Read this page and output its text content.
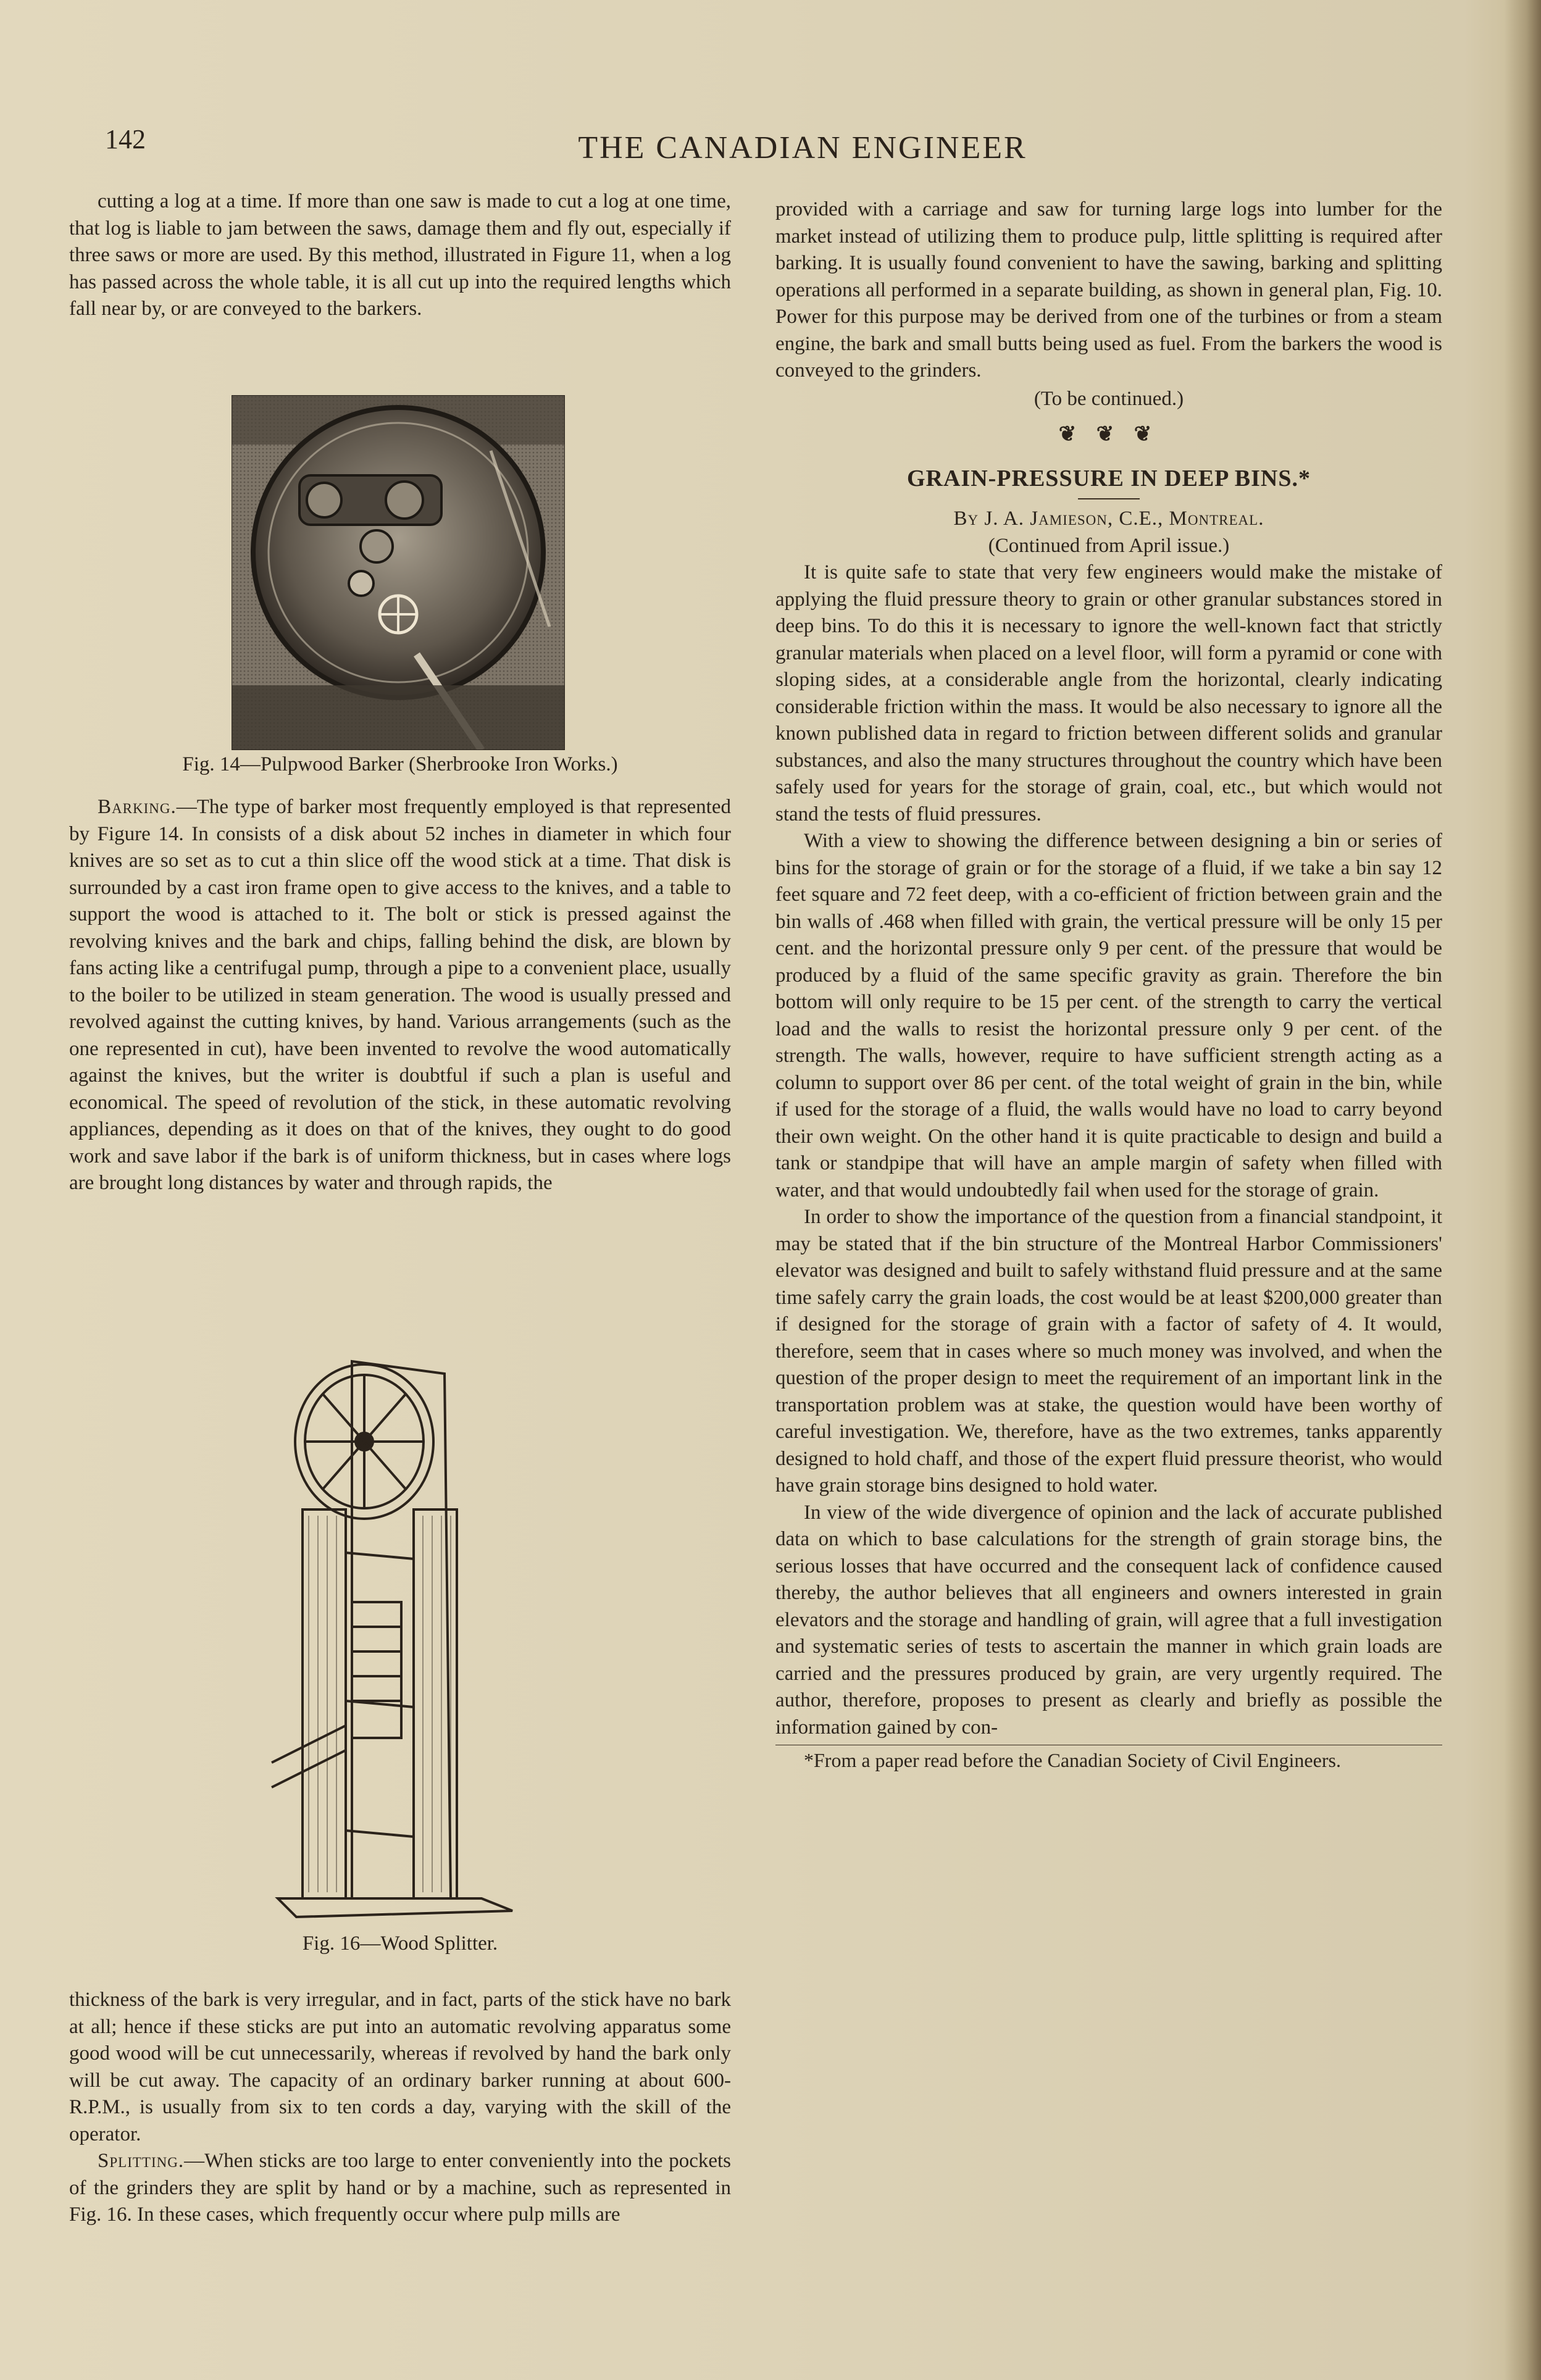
142	THE CANADIAN ENGINEER

cutting a log at a time. If more than one saw is made to cut a log at one time, that log is liable to jam between the saws, damage them and fly out, especially if three saws or more are used. By this method, illustrated in Figure 11, when a log has passed across the whole table, it is all cut up into the required lengths which fall near by, or are conveyed to the barkers.

Fig. 14—Pulpwood Barker (Sherbrooke Iron Works.)

Barking.—The type of barker most frequently employed is that represented by Figure 14. In consists of a disk about 52 inches in diameter in which four knives are so set as to cut a thin slice off the wood stick at a time. That disk is surrounded by a cast iron frame open to give access to the knives, and a table to support the wood is attached to it. The bolt or stick is pressed against the revolving knives and the bark and chips, falling behind the disk, are blown by fans acting like a centrifugal pump, through a pipe to a convenient place, usually to the boiler to be utilized in steam generation. The wood is usually pressed and revolved against the cutting knives, by hand. Various arrangements (such as the one represented in cut), have been invented to revolve the wood automatically against the knives, but the writer is doubtful if such a plan is useful and economical. The speed of revolution of the stick, in these automatic revolving appliances, depending as it does on that of the knives, they ought to do good work and save labor if the bark is of uniform thickness, but in cases where logs are brought long distances by water and through rapids, the

Fig. 16—Wood Splitter.

thickness of the bark is very irregular, and in fact, parts of the stick have no bark at all; hence if these sticks are put into an automatic revolving apparatus some good wood will be cut unnecessarily, whereas if revolved by hand the bark only will be cut away. The capacity of an ordinary barker running at about 600-R.P.M., is usually from six to ten cords a day, varying with the skill of the operator.

Splitting.—When sticks are too large to enter conveniently into the pockets of the grinders they are split by hand or by a machine, such as represented in Fig. 16. In these cases, which frequently occur where pulp mills are

provided with a carriage and saw for turning large logs into lumber for the market instead of utilizing them to produce pulp, little splitting is required after barking. It is usually found convenient to have the sawing, barking and splitting operations all performed in a separate building, as shown in general plan, Fig. 10. Power for this purpose may be derived from one of the turbines or from a steam engine, the bark and small butts being used as fuel. From the barkers the wood is conveyed to the grinders.

(To be continued.)

❦ ❦ ❦

GRAIN-PRESSURE IN DEEP BINS.*

By J. A. Jamieson, C.E., Montreal.

(Continued from April issue.)

It is quite safe to state that very few engineers would make the mistake of applying the fluid pressure theory to grain or other granular substances stored in deep bins. To do this it is necessary to ignore the well-known fact that strictly granular materials when placed on a level floor, will form a pyramid or cone with sloping sides, at a considerable angle from the horizontal, clearly indicating considerable friction within the mass. It would be also necessary to ignore all the known published data in regard to friction between different solids and granular substances, and also the many structures throughout the country which have been safely used for years for the storage of grain, coal, etc., but which would not stand the tests of fluid pressures.

With a view to showing the difference between designing a bin or series of bins for the storage of grain or for the storage of a fluid, if we take a bin say 12 feet square and 72 feet deep, with a co-efficient of friction between grain and the bin walls of .468 when filled with grain, the vertical pressure will be only 15 per cent. and the horizontal pressure only 9 per cent. of the pressure that would be produced by a fluid of the same specific gravity as grain. Therefore the bin bottom will only require to be 15 per cent. of the strength to carry the vertical load and the walls to resist the horizontal pressure only 9 per cent. of the strength. The walls, however, require to have sufficient strength acting as a column to support over 86 per cent. of the total weight of grain in the bin, while if used for the storage of a fluid, the walls would have no load to carry beyond their own weight. On the other hand it is quite practicable to design and build a tank or standpipe that will have an ample margin of safety when filled with water, and that would undoubtedly fail when used for the storage of grain.

In order to show the importance of the question from a financial standpoint, it may be stated that if the bin structure of the Montreal Harbor Commissioners' elevator was designed and built to safely withstand fluid pressure and at the same time safely carry the grain loads, the cost would be at least $200,000 greater than if designed for the storage of grain with a factor of safety of 4. It would, therefore, seem that in cases where so much money was involved, and when the question of the proper design to meet the requirement of an important link in the transportation problem was at stake, the question would have been worthy of careful investigation. We, therefore, have as the two extremes, tanks apparently designed to hold chaff, and those of the expert fluid pressure theorist, who would have grain storage bins designed to hold water.

In view of the wide divergence of opinion and the lack of accurate published data on which to base calculations for the strength of grain storage bins, the serious losses that have occurred and the consequent lack of confidence caused thereby, the author believes that all engineers and owners interested in grain elevators and the storage and handling of grain, will agree that a full investigation and systematic series of tests to ascertain the manner in which grain loads are carried and the pressures produced by grain, are very urgently required. The author, therefore, proposes to present as clearly and briefly as possible the information gained by con-

*From a paper read before the Canadian Society of Civil Engineers.
